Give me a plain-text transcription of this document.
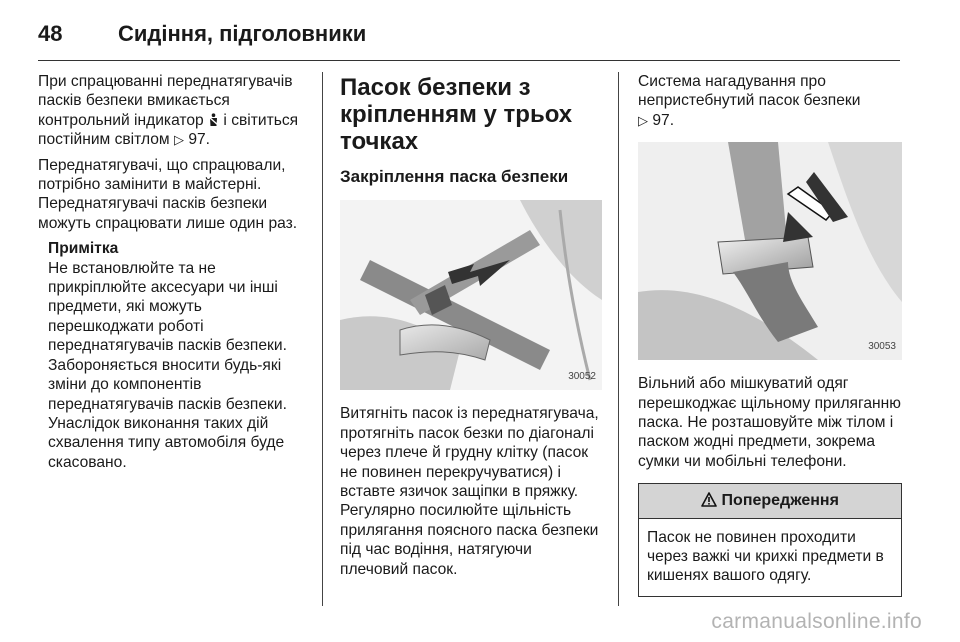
48	Сидіння, підголовники

При спрацюванні переднатягувачів пасків безпеки вмикається контрольний індикатор і світиться постійним світлом ▷ 97.

Переднатягувачі, що спрацювали, потрібно замінити в майстерні. Переднатягувачі пасків безпеки можуть спрацювати лише один раз.

Примітка

Не встановлюйте та не прикріплюйте аксесуари чи інші предмети, які можуть перешкоджати роботі переднатягувачів пасків безпеки. Забороняється вносити будь-які зміни до компонентів переднатягувачів пасків безпеки. Унаслідок виконання таких дій схвалення типу автомобіля буде скасовано.

Пасок безпеки з кріпленням у трьох точках
Закріплення паска безпеки
30052

Витягніть пасок із переднатягувача, протягніть пасок безки по діагоналі через плече й грудну клітку (пасок не повинен перекручуватися) і вставте язичок защіпки в пряжку. Регулярно посилюйте щільність прилягання поясного паска безпеки під час водіння, натягуючи плечовий пасок.

Система нагадування про непристебнутий пасок безпеки
▷ 97.

30053

Вільний або мішкуватий одяг перешкоджає щільному приляганню паска. Не розташовуйте між тілом і паском жодні предмети, зокрема сумки чи мобільні телефони.

Попередження
Пасок не повинен проходити через важкі чи крихкі предмети в кишенях вашого одягу.
carmanualsonline.info
